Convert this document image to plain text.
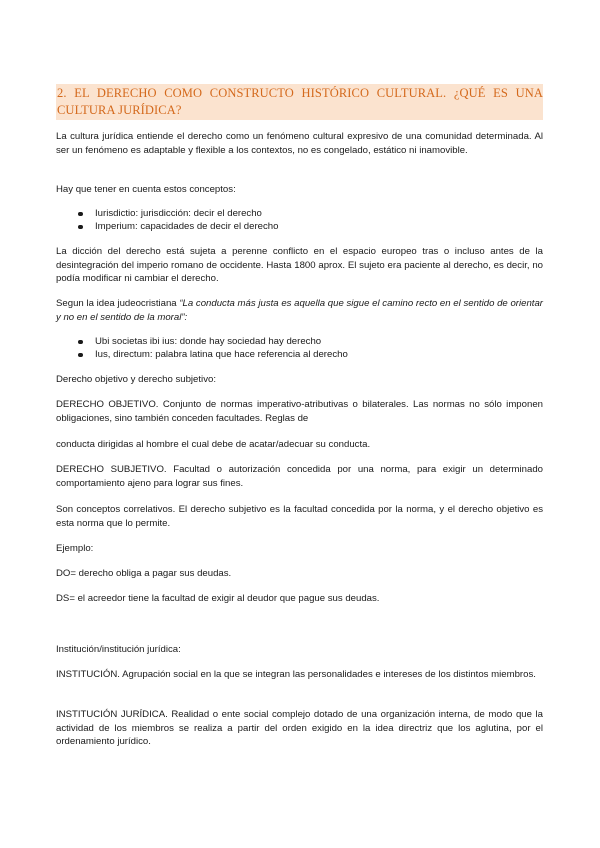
2. EL DERECHO COMO CONSTRUCTO HISTÓRICO CULTURAL. ¿QUÉ ES UNA CULTURA JURÍDICA?

La cultura jurídica entiende el derecho como un fenómeno cultural expresivo de una comunidad determinada. Al ser un fenómeno es adaptable y flexible a los contextos, no es congelado, estático ni inamovible.

Hay que tener en cuenta estos conceptos:

Iurisdictio: jurisdicción: decir el derecho
Imperium: capacidades de decir el derecho

La dicción del derecho está sujeta a perenne conflicto en el espacio europeo tras o incluso antes de la desintegración del imperio romano de occidente. Hasta 1800 aprox. El sujeto era paciente al derecho, es decir, no podía modificar ni cambiar el derecho.

Segun la idea judeocristiana “La conducta más justa es aquella que sigue el camino recto en el sentido de orientar y no en el sentido de la moral”:

Ubi societas ibi ius: donde hay sociedad hay derecho
Ius, directum: palabra latina que hace referencia al derecho

Derecho objetivo y derecho subjetivo:

DERECHO OBJETIVO. Conjunto de normas imperativo-atributivas o bilaterales. Las normas no sólo imponen obligaciones, sino también conceden facultades. Reglas de

conducta dirigidas al hombre el cual debe de acatar/adecuar su conducta.

DERECHO SUBJETIVO. Facultad o autorización concedida por una norma, para exigir un determinado comportamiento ajeno para lograr sus fines.

Son conceptos correlativos. El derecho subjetivo es la facultad concedida por la norma, y el derecho objetivo es esta norma que lo permite.

Ejemplo:

DO= derecho obliga a pagar sus deudas.

DS= el acreedor tiene la facultad de exigir al deudor que pague sus deudas.

Institución/institución jurídica:

INSTITUCIÓN. Agrupación social en la que se integran las personalidades e intereses de los distintos miembros.

INSTITUCIÓN JURÍDICA. Realidad o ente social complejo dotado de una organización interna, de modo que la actividad de los miembros se realiza a partir del orden exigido en la idea directriz que los aglutina, por el ordenamiento jurídico.
